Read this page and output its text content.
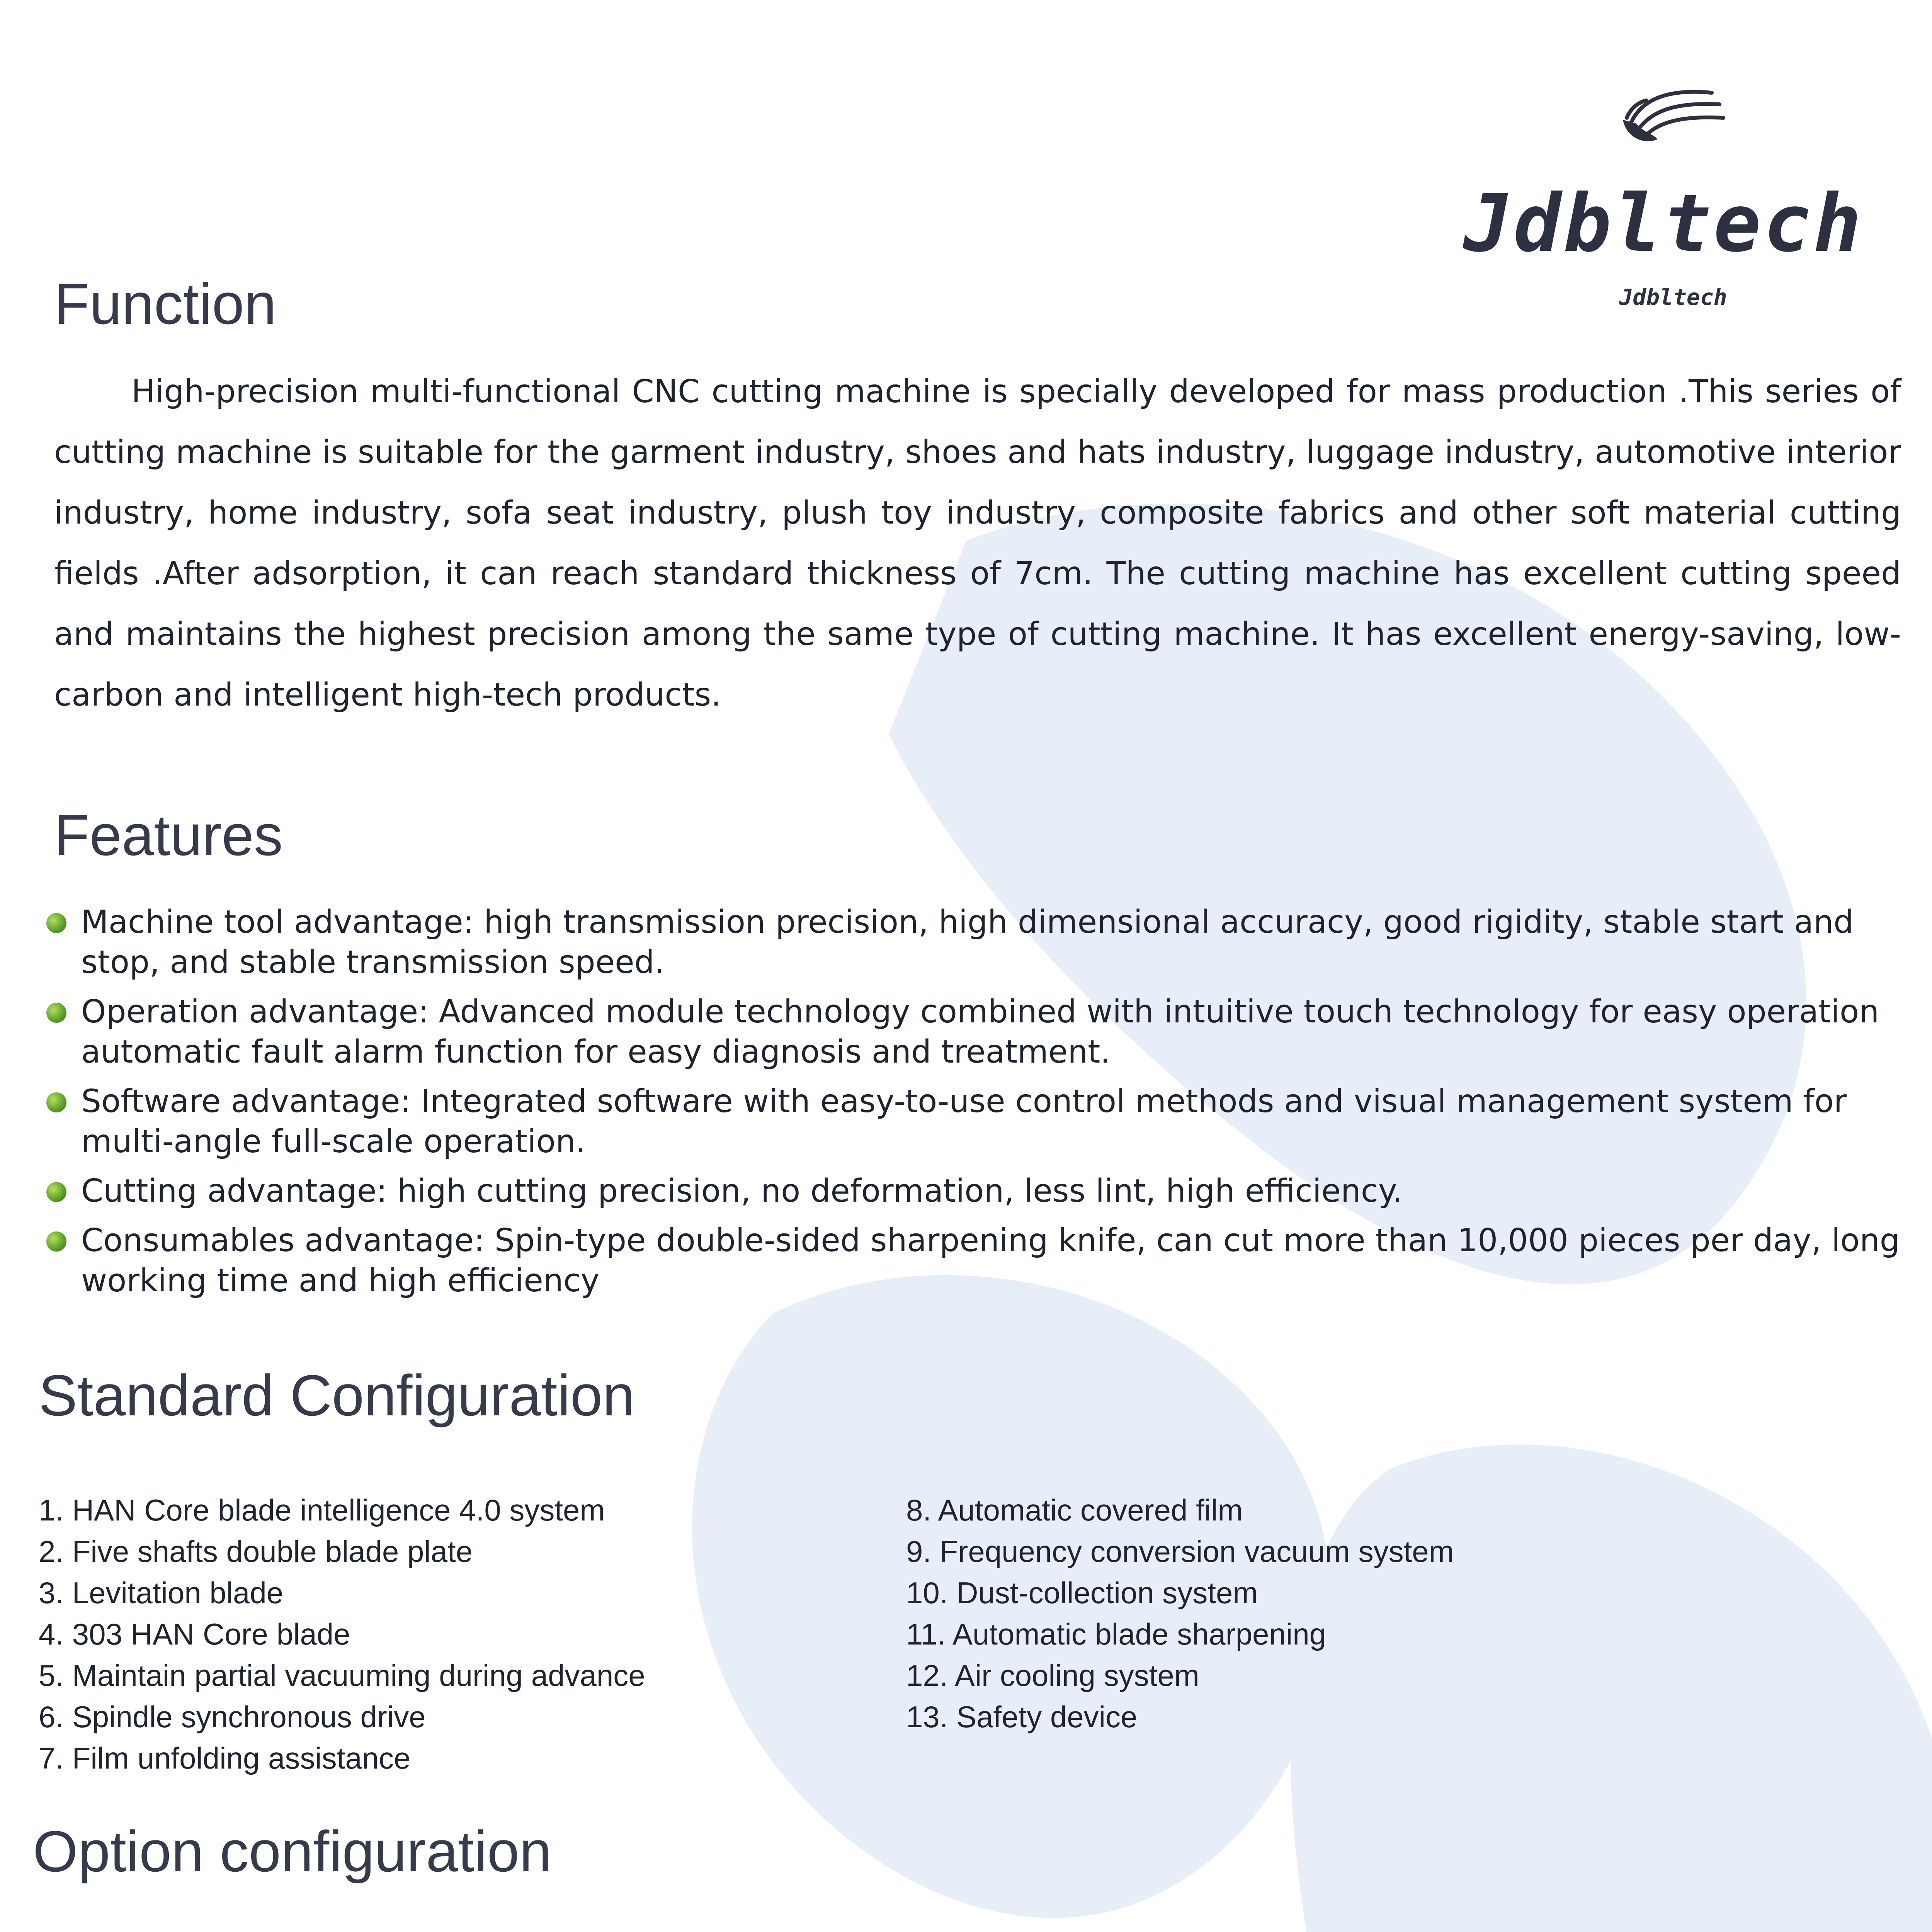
Jdbltech
Jdbltech
Function

High-precision multi-functional CNC cutting machine is specially developed for mass production .This series of cutting machine is suitable for the garment industry, shoes and hats industry, luggage industry, automotive interior industry, home industry, sofa seat industry, plush toy industry, composite fabrics and other soft material cutting fields .After adsorption, it can reach standard thickness of 7cm. The cutting machine has excellent cutting speed and maintains the highest precision among the same type of cutting machine. It has excellent energy-saving, low-carbon and intelligent high-tech products.

Features
Machine tool advantage: high transmission precision, high dimensional accuracy, good rigidity, stable start and stop, and stable transmission speed.
Operation advantage: Advanced module technology combined with intuitive touch technology for easy operation automatic fault alarm function for easy diagnosis and treatment.
Software advantage: Integrated software with easy-to-use control methods and visual management system for multi-angle full-scale operation.
Cutting advantage: high cutting precision, no deformation, less lint, high efficiency.
Consumables advantage: Spin-type double-sided sharpening knife, can cut more than 10,000 pieces per day, long working time and high efficiency
Standard Configuration
1. HAN Core blade intelligence 4.0 system
2. Five shafts double blade plate
3. Levitation blade
4. 303 HAN Core blade
5. Maintain partial vacuuming during advance
6. Spindle synchronous drive
7. Film unfolding assistance
8. Automatic covered film
9. Frequency conversion vacuum system
10. Dust-collection system
11. Automatic blade sharpening
12. Air cooling system
13. Safety device
Option configuration
